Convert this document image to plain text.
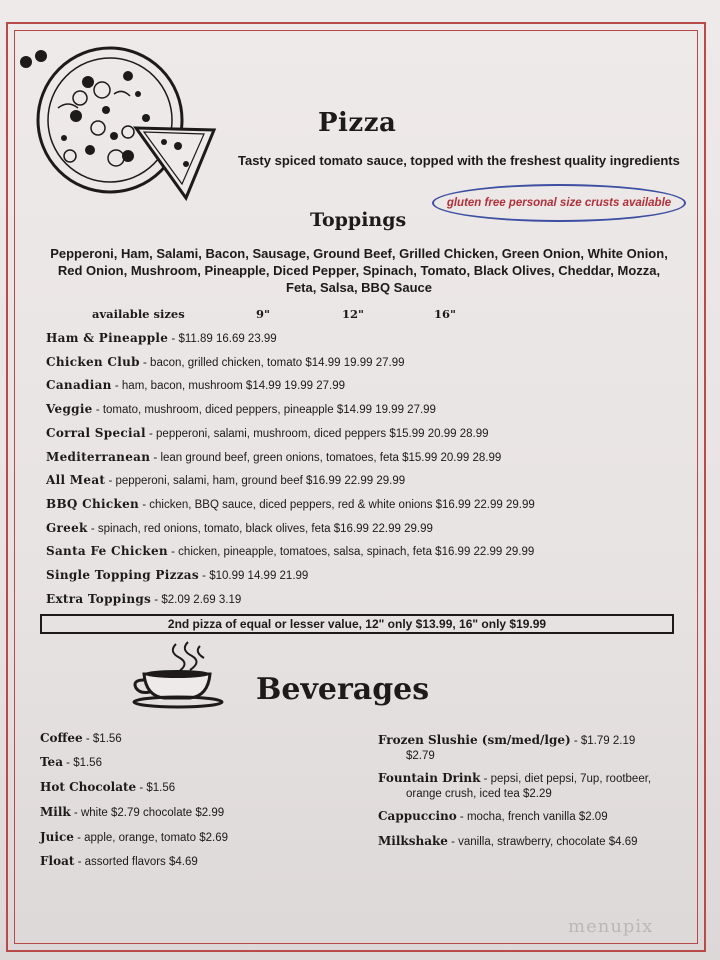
Pizza
Tasty spiced tomato sauce, topped with the freshest quality ingredients
gluten free personal size crusts available
Toppings
Pepperoni, Ham, Salami, Bacon, Sausage, Ground Beef, Grilled Chicken, Green Onion, White Onion, Red Onion, Mushroom, Pineapple, Diced Pepper, Spinach, Tomato, Black Olives, Cheddar, Mozza, Feta, Salsa, BBQ Sauce
available sizes	9"	12"	16"
Ham & Pineapple - $11.89 16.69 23.99
Chicken Club - bacon, grilled chicken, tomato $14.99 19.99 27.99
Canadian - ham, bacon, mushroom $14.99 19.99 27.99
Veggie - tomato, mushroom, diced peppers, pineapple $14.99 19.99 27.99
Corral Special - pepperoni, salami, mushroom, diced peppers $15.99 20.99 28.99
Mediterranean - lean ground beef, green onions, tomatoes, feta $15.99 20.99 28.99
All Meat - pepperoni, salami, ham, ground beef $16.99 22.99 29.99
BBQ Chicken - chicken, BBQ sauce, diced peppers, red & white onions $16.99 22.99 29.99
Greek - spinach, red onions, tomato, black olives, feta $16.99 22.99 29.99
Santa Fe Chicken - chicken, pineapple, tomatoes, salsa, spinach, feta $16.99 22.99 29.99
Single Topping Pizzas - $10.99 14.99 21.99
Extra Toppings - $2.09 2.69 3.19
2nd pizza of equal or lesser value, 12" only $13.99, 16" only $19.99
Beverages
Coffee - $1.56
Tea - $1.56
Hot Chocolate - $1.56
Milk - white $2.79 chocolate $2.99
Juice - apple, orange, tomato $2.69
Float - assorted flavors $4.69
Frozen Slushie (sm/med/lge) - $1.79 2.19
$2.79
Fountain Drink - pepsi, diet pepsi, 7up, rootbeer,
orange crush, iced tea $2.29
Cappuccino - mocha, french vanilla $2.09
Milkshake - vanilla, strawberry, chocolate $4.69
menupix
